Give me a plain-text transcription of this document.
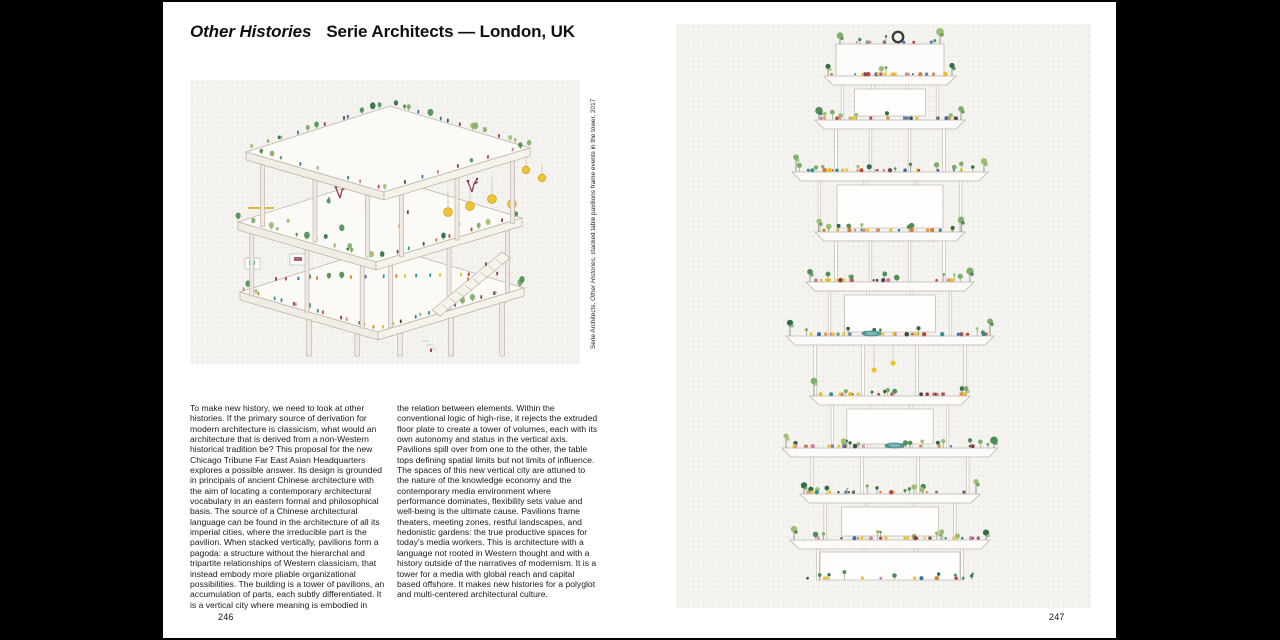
Other Histories Serie Architects — London, UK
Serie Architects, Other Histories, stacked table pavilions frame events in the tower, 2017
To make new history, we need to look at other histories. If the primary source of derivation for modern architecture is classicism, what would an architecture that is derived from a non-Western historical tradition be? This proposal for the new Chicago Tribune Far East Asian Headquarters explores a possible answer. Its design is grounded in principals of ancient Chinese architecture with the aim of locating a contemporary architectural vocabulary in an eastern formal and philosophical basis. The source of a Chinese architectural language can be found in the architecture of all its imperial cities, where the irreducible part is the pavilion. When stacked vertically, pavilions form a pagoda: a structure without the hierarchal and tripartite relationships of Western classicism, that instead embody more pliable organizational possibilities. The building is a tower of pavilions, an accumulation of parts, each subtly differentiated. It is a vertical city where meaning is embodied in
the relation between elements. Within the conventional logic of high-rise, it rejects the extruded floor plate to create a tower of volumes, each with its own autonomy and status in the vertical axis. Pavilions spill over from one to the other, the table tops defining spatial limits but not limits of influence. The spaces of this new vertical city are attuned to the nature of the knowledge economy and the contemporary media environment where performance dominates, flexibility sets value and well-being is the ultimate cause. Pavilions frame theaters, meeting zones, restful landscapes, and hedonistic gardens: the true productive spaces for today's media workers. This is architecture with a language not rooted in Western thought and with a history outside of the narratives of modernism. It is a tower for a media with global reach and capital based offshore. It makes new histories for a polyglot and multi-centered architectural culture.
246	247
